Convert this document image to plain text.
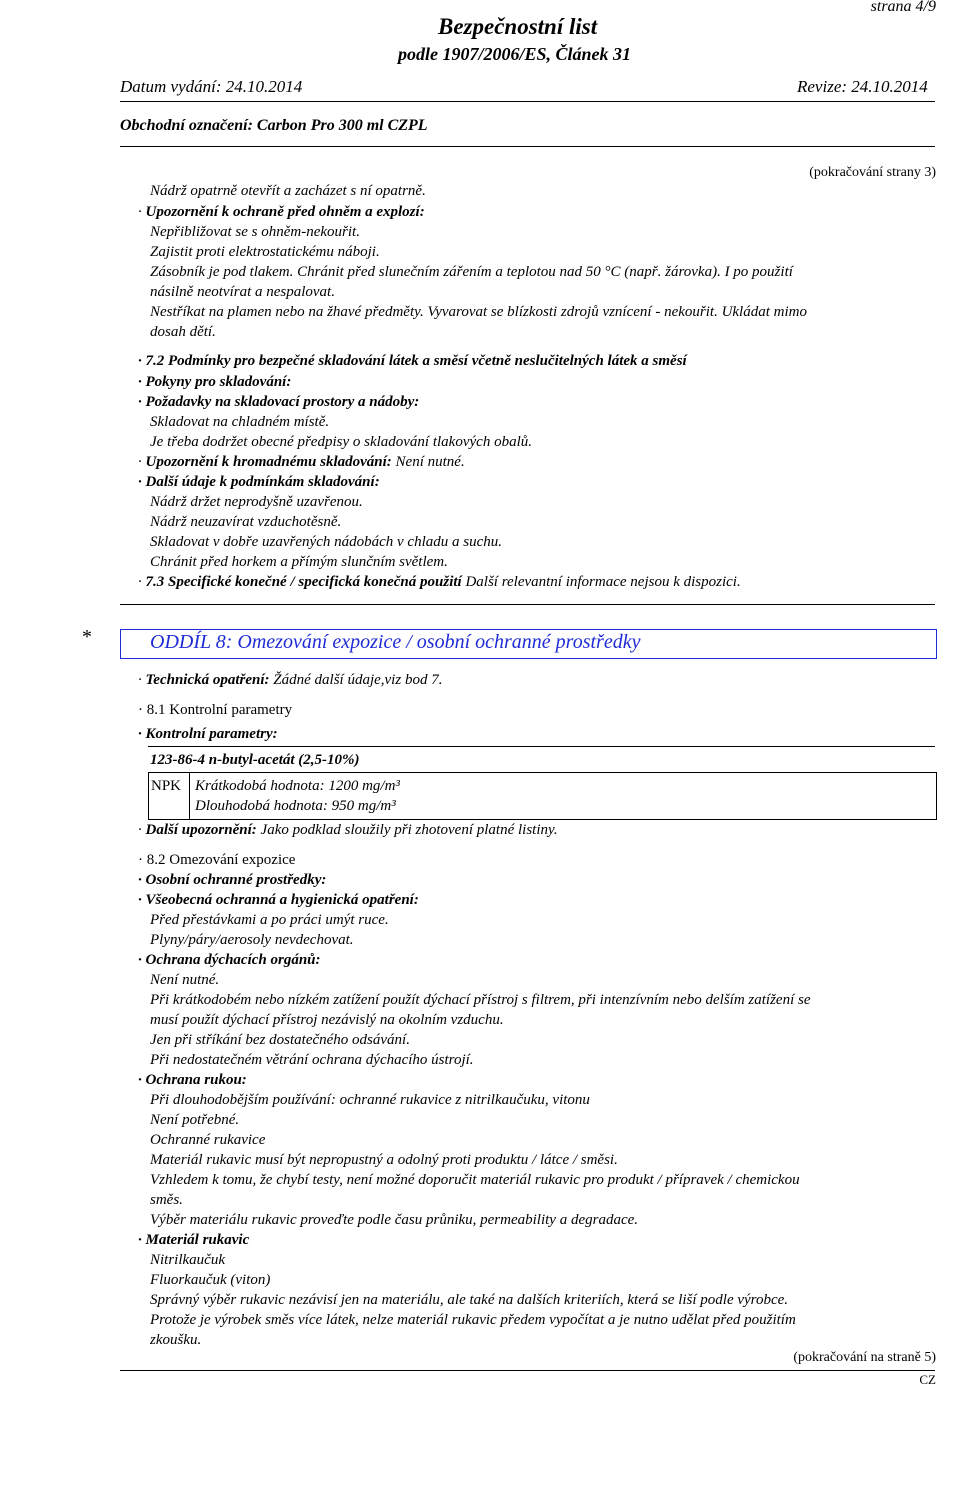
strana 4/9
Bezpečnostní list
podle 1907/2006/ES, Článek 31
Datum vydání: 24.10.2014	Revize: 24.10.2014
Obchodní označení: Carbon Pro 300 ml CZPL
(pokračování strany 3)
Nádrž opatrně otevřít a zacházet s ní opatrně.
· Upozornění k ochraně před ohněm a explozí:
Nepřibližovat se s ohněm-nekouřit.
Zajistit proti elektrostatickému náboji.
Zásobník je pod tlakem. Chránit před slunečním zářením a teplotou nad 50 °C (např. žárovka). I po použití
násilně neotvírat a nespalovat.
Nestříkat na plamen nebo na žhavé předměty. Vyvarovat se blízkosti zdrojů vznícení - nekouřit. Ukládat mimo
dosah dětí.
· 7.2 Podmínky pro bezpečné skladování látek a směsí včetně neslučitelných látek a směsí
· Pokyny pro skladování:
· Požadavky na skladovací prostory a nádoby:
Skladovat na chladném místě.
Je třeba dodržet obecné předpisy o skladování tlakových obalů.
· Upozornění k hromadnému skladování: Není nutné.
· Další údaje k podmínkám skladování:
Nádrž držet neprodyšně uzavřenou.
Nádrž neuzavírat vzduchotěsně.
Skladovat v dobře uzavřených nádobách v chladu a suchu.
Chránit před horkem a přímým slunčním světlem.
· 7.3 Specifické konečné / specifická konečná použití Další relevantní informace nejsou k dispozici.
*	ODDÍL 8: Omezování expozice / osobní ochranné prostředky
· Technická opatření: Žádné další údaje,viz bod 7.
· 8.1 Kontrolní parametry
· Kontrolní parametry:
123-86-4 n-butyl-acetát (2,5-10%)
NPK Krátkodobá hodnota: 1200 mg/m³
Dlouhodobá hodnota: 950 mg/m³
· Další upozornění: Jako podklad sloužily při zhotovení platné listiny.
· 8.2 Omezování expozice
· Osobní ochranné prostředky:
· Všeobecná ochranná a hygienická opatření:
Před přestávkami a po práci umýt ruce.
Plyny/páry/aerosoly nevdechovat.
· Ochrana dýchacích orgánů:
Není nutné.
Při krátkodobém nebo nízkém zatížení použít dýchací přístroj s filtrem, při intenzívním nebo delším zatížení se
musí použít dýchací přístroj nezávislý na okolním vzduchu.
Jen při stříkání bez dostatečného odsávání.
Při nedostatečném větrání ochrana dýchacího ústrojí.
· Ochrana rukou:
Při dlouhodobějším používání: ochranné rukavice z nitrilkaučuku, vitonu
Není potřebné.
Ochranné rukavice
Materiál rukavic musí být nepropustný a odolný proti produktu / látce / směsi.
Vzhledem k tomu, že chybí testy, není možné doporučit materiál rukavic pro produkt / přípravek / chemickou
směs.
Výběr materiálu rukavic proveďte podle času průniku, permeability a degradace.
· Materiál rukavic
Nitrilkaučuk
Fluorkaučuk (viton)
Správný výběr rukavic nezávisí jen na materiálu, ale také na dalších kriteriích, která se liší podle výrobce.
Protože je výrobek směs více látek, nelze materiál rukavic předem vypočítat a je nutno udělat před použitím
zkoušku.
(pokračování na straně 5)
CZ
